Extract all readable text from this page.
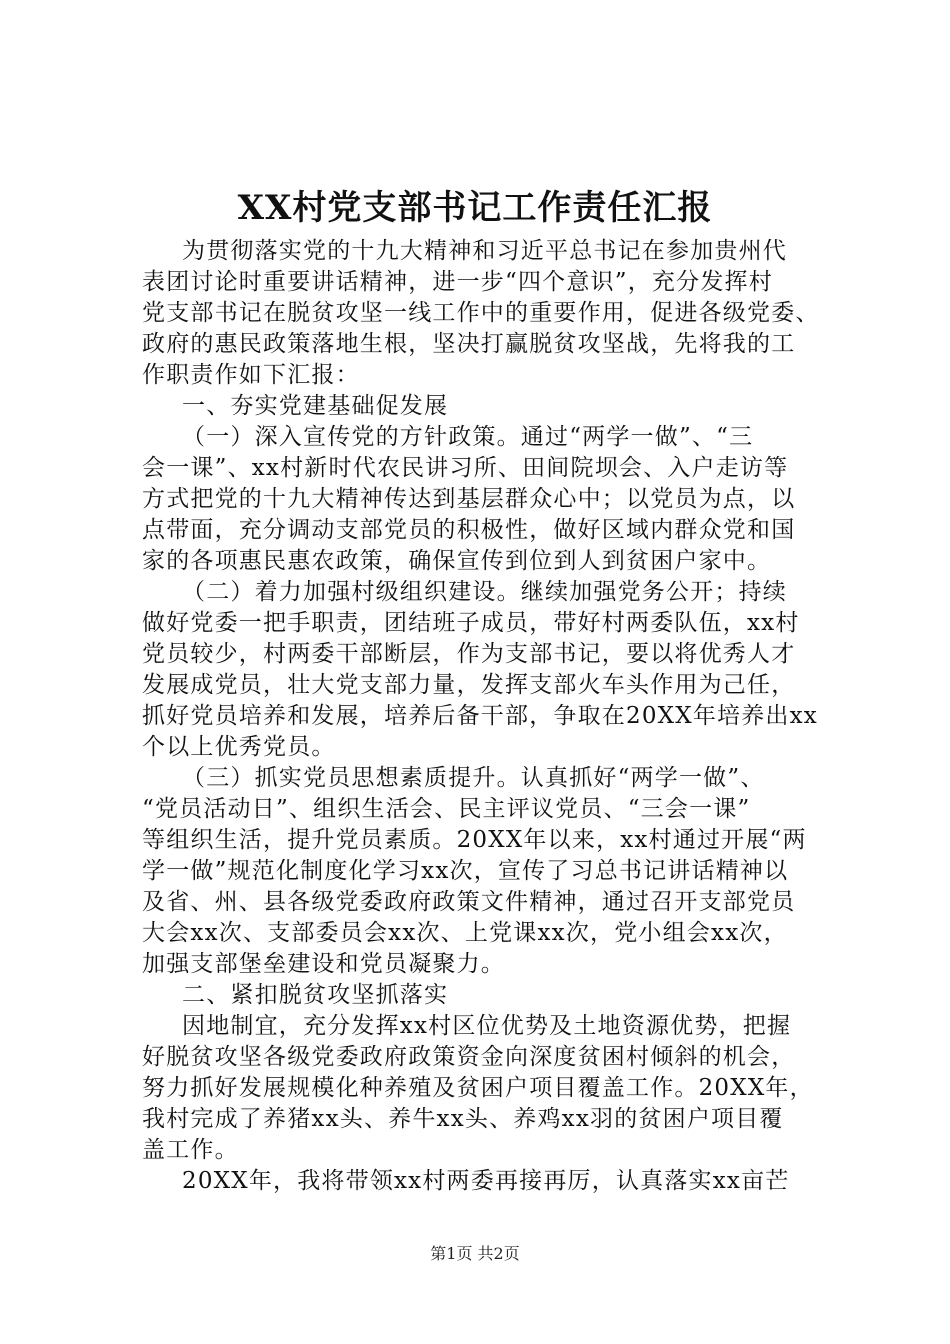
XX村党支部书记工作责任汇报
为贯彻落实党的十九大精神和习近平总书记在参加贵州代
表团讨论时重要讲话精神，进一步“四个意识”，充分发挥村
党支部书记在脱贫攻坚一线工作中的重要作用，促进各级党委、
政府的惠民政策落地生根，坚决打赢脱贫攻坚战，先将我的工
作职责作如下汇报：
一、夯实党建基础促发展
（一）深入宣传党的方针政策。通过“两学一做”、“三
会一课”、xx村新时代农民讲习所、田间院坝会、入户走访等
方式把党的十九大精神传达到基层群众心中；以党员为点，以
点带面，充分调动支部党员的积极性，做好区域内群众党和国
家的各项惠民惠农政策，确保宣传到位到人到贫困户家中。
（二）着力加强村级组织建设。继续加强党务公开；持续
做好党委一把手职责，团结班子成员，带好村两委队伍，xx村
党员较少，村两委干部断层，作为支部书记，要以将优秀人才
发展成党员，壮大党支部力量，发挥支部火车头作用为己任，
抓好党员培养和发展，培养后备干部，争取在20XX年培养出xx
个以上优秀党员。
（三）抓实党员思想素质提升。认真抓好“两学一做”、
“党员活动日”、组织生活会、民主评议党员、“三会一课”
等组织生活，提升党员素质。20XX年以来，xx村通过开展“两
学一做”规范化制度化学习xx次，宣传了习总书记讲话精神以
及省、州、县各级党委政府政策文件精神，通过召开支部党员
大会xx次、支部委员会xx次、上党课xx次，党小组会xx次，
加强支部堡垒建设和党员凝聚力。
二、紧扣脱贫攻坚抓落实
因地制宜，充分发挥xx村区位优势及土地资源优势，把握
好脱贫攻坚各级党委政府政策资金向深度贫困村倾斜的机会，
努力抓好发展规模化种养殖及贫困户项目覆盖工作。20XX年，
我村完成了养猪xx头、养牛xx头、养鸡xx羽的贫困户项目覆
盖工作。
20XX年，我将带领xx村两委再接再厉，认真落实xx亩芒
第1页 共2页
